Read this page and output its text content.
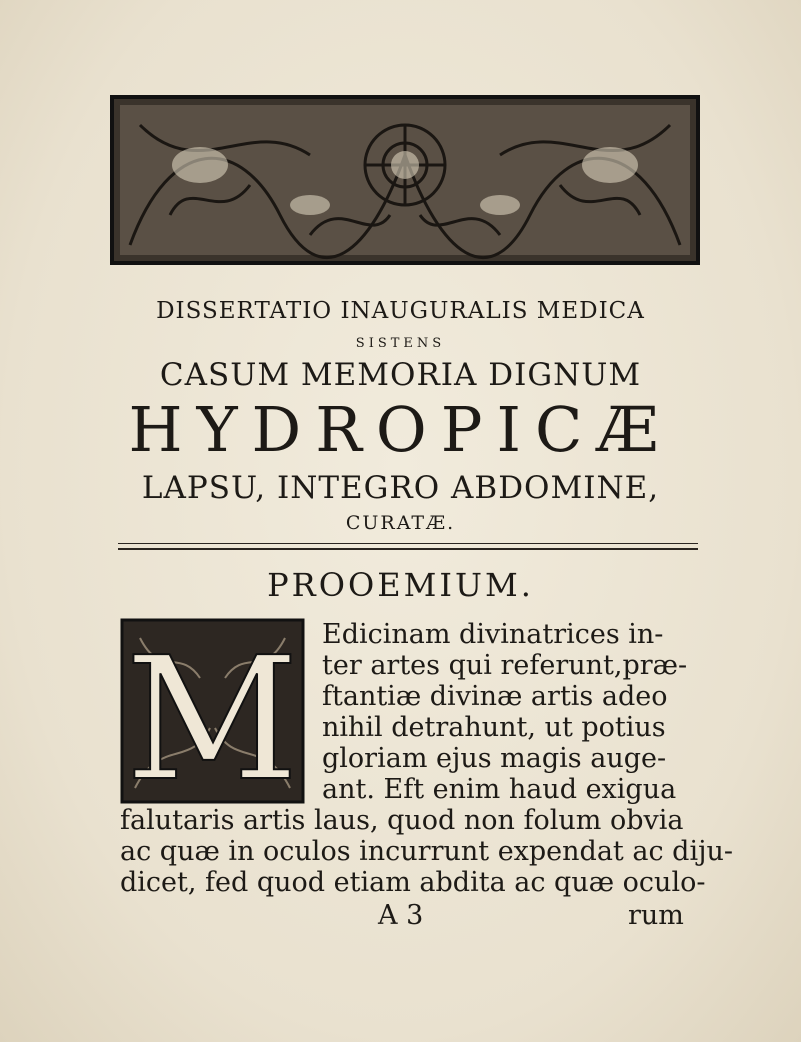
DISSERTATIO INAUGURALIS MEDICA
SISTENS
CASUM MEMORIA DIGNUM
HYDROPICÆ
LAPSU, INTEGRO ABDOMINE,
CURATÆ.
PROOEMIUM.
M Edicinam divinatrices in-
ter artes qui referunt,præ-
ftantiæ divinæ artis adeo
nihil detrahunt, ut potius
gloriam ejus magis auge-
ant. Eft enim haud exigua
falutaris artis laus, quod non folum obvia
ac quæ in oculos incurrunt expendat ac diju-
dicet, fed quod etiam abdita ac quæ oculo-
A 3	rum
